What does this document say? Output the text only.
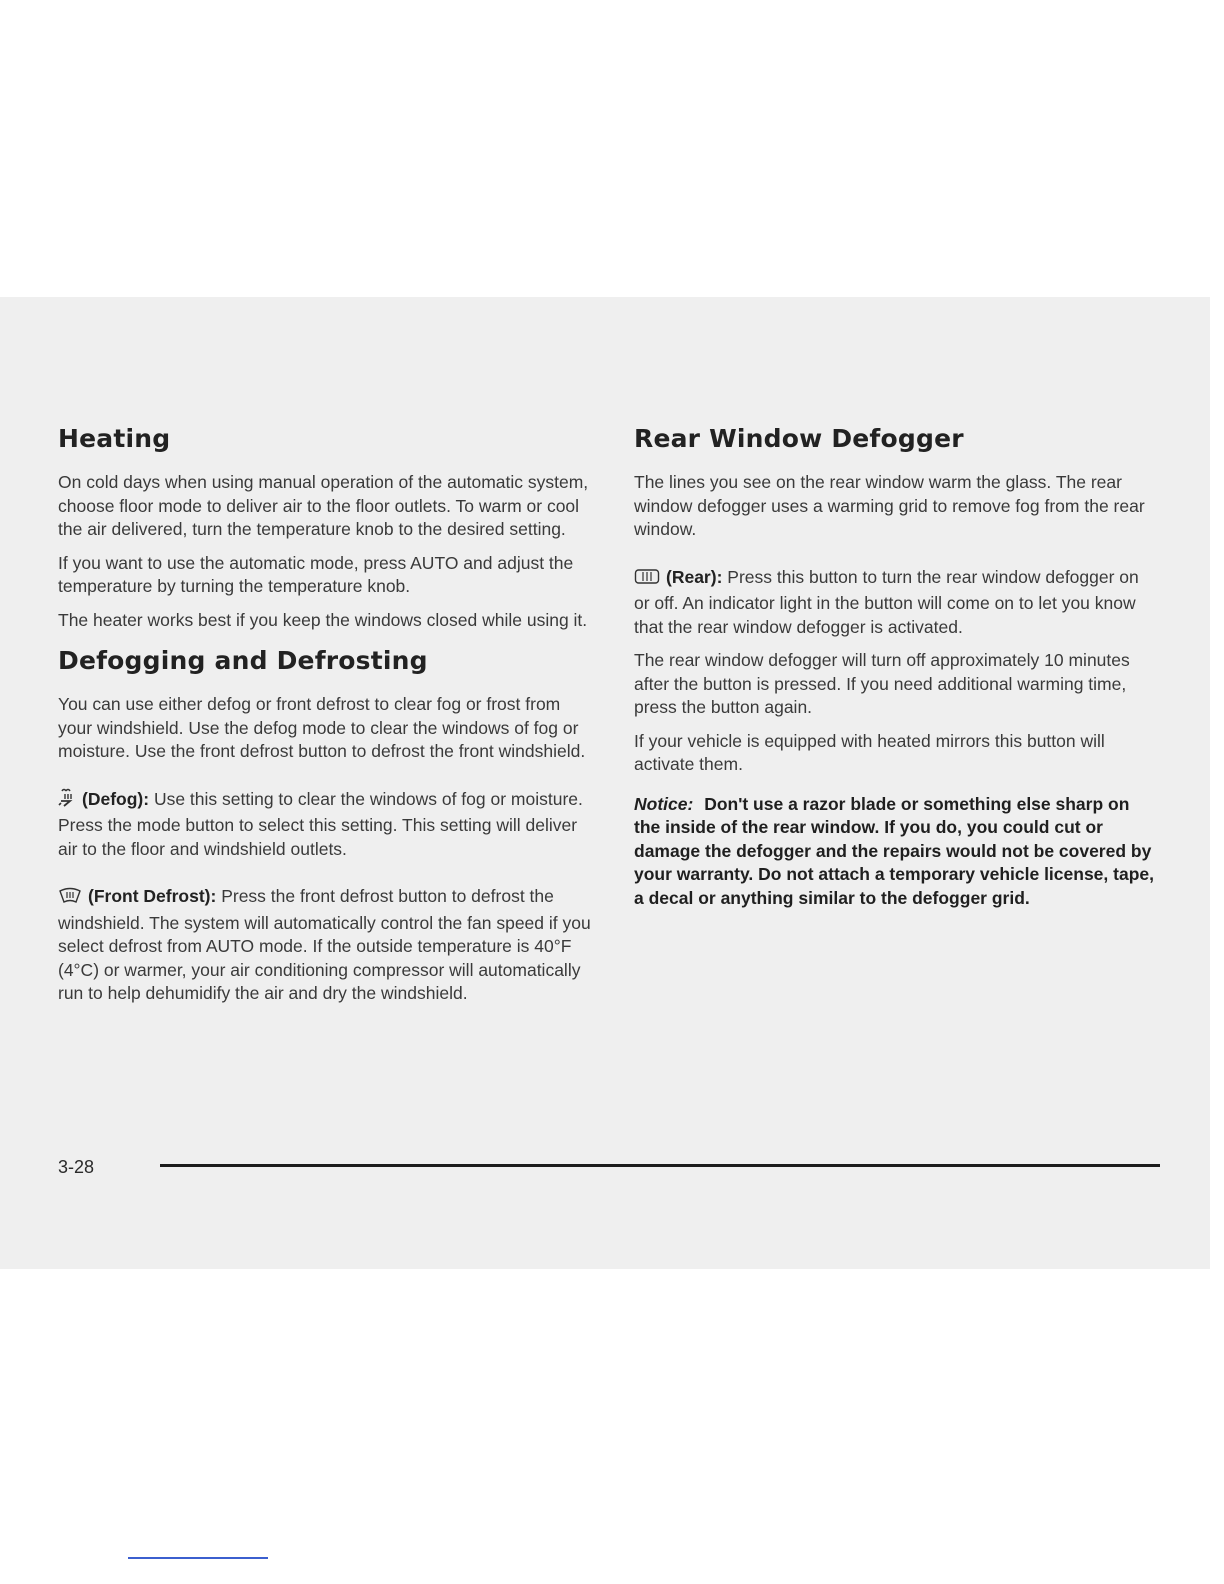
Heating

On cold days when using manual operation of the automatic system, choose floor mode to deliver air to the floor outlets. To warm or cool the air delivered, turn the temperature knob to the desired setting.

If you want to use the automatic mode, press AUTO and adjust the temperature by turning the temperature knob.

The heater works best if you keep the windows closed while using it.

Defogging and Defrosting

You can use either defog or front defrost to clear fog or frost from your windshield. Use the defog mode to clear the windows of fog or moisture. Use the front defrost button to defrost the front windshield.

(Defog): Use this setting to clear the windows of fog or moisture. Press the mode button to select this setting. This setting will deliver air to the floor and windshield outlets.

(Front Defrost): Press the front defrost button to defrost the windshield. The system will automatically control the fan speed if you select defrost from AUTO mode. If the outside temperature is 40°F (4°C) or warmer, your air conditioning compressor will automatically run to help dehumidify the air and dry the windshield.

Rear Window Defogger

The lines you see on the rear window warm the glass. The rear window defogger uses a warming grid to remove fog from the rear window.

(Rear): Press this button to turn the rear window defogger on or off. An indicator light in the button will come on to let you know that the rear window defogger is activated.

The rear window defogger will turn off approximately 10 minutes after the button is pressed. If you need additional warming time, press the button again.

If your vehicle is equipped with heated mirrors this button will activate them.

Notice: Don't use a razor blade or something else sharp on the inside of the rear window. If you do, you could cut or damage the defogger and the repairs would not be covered by your warranty. Do not attach a temporary vehicle license, tape, a decal or anything similar to the defogger grid.

3-28
